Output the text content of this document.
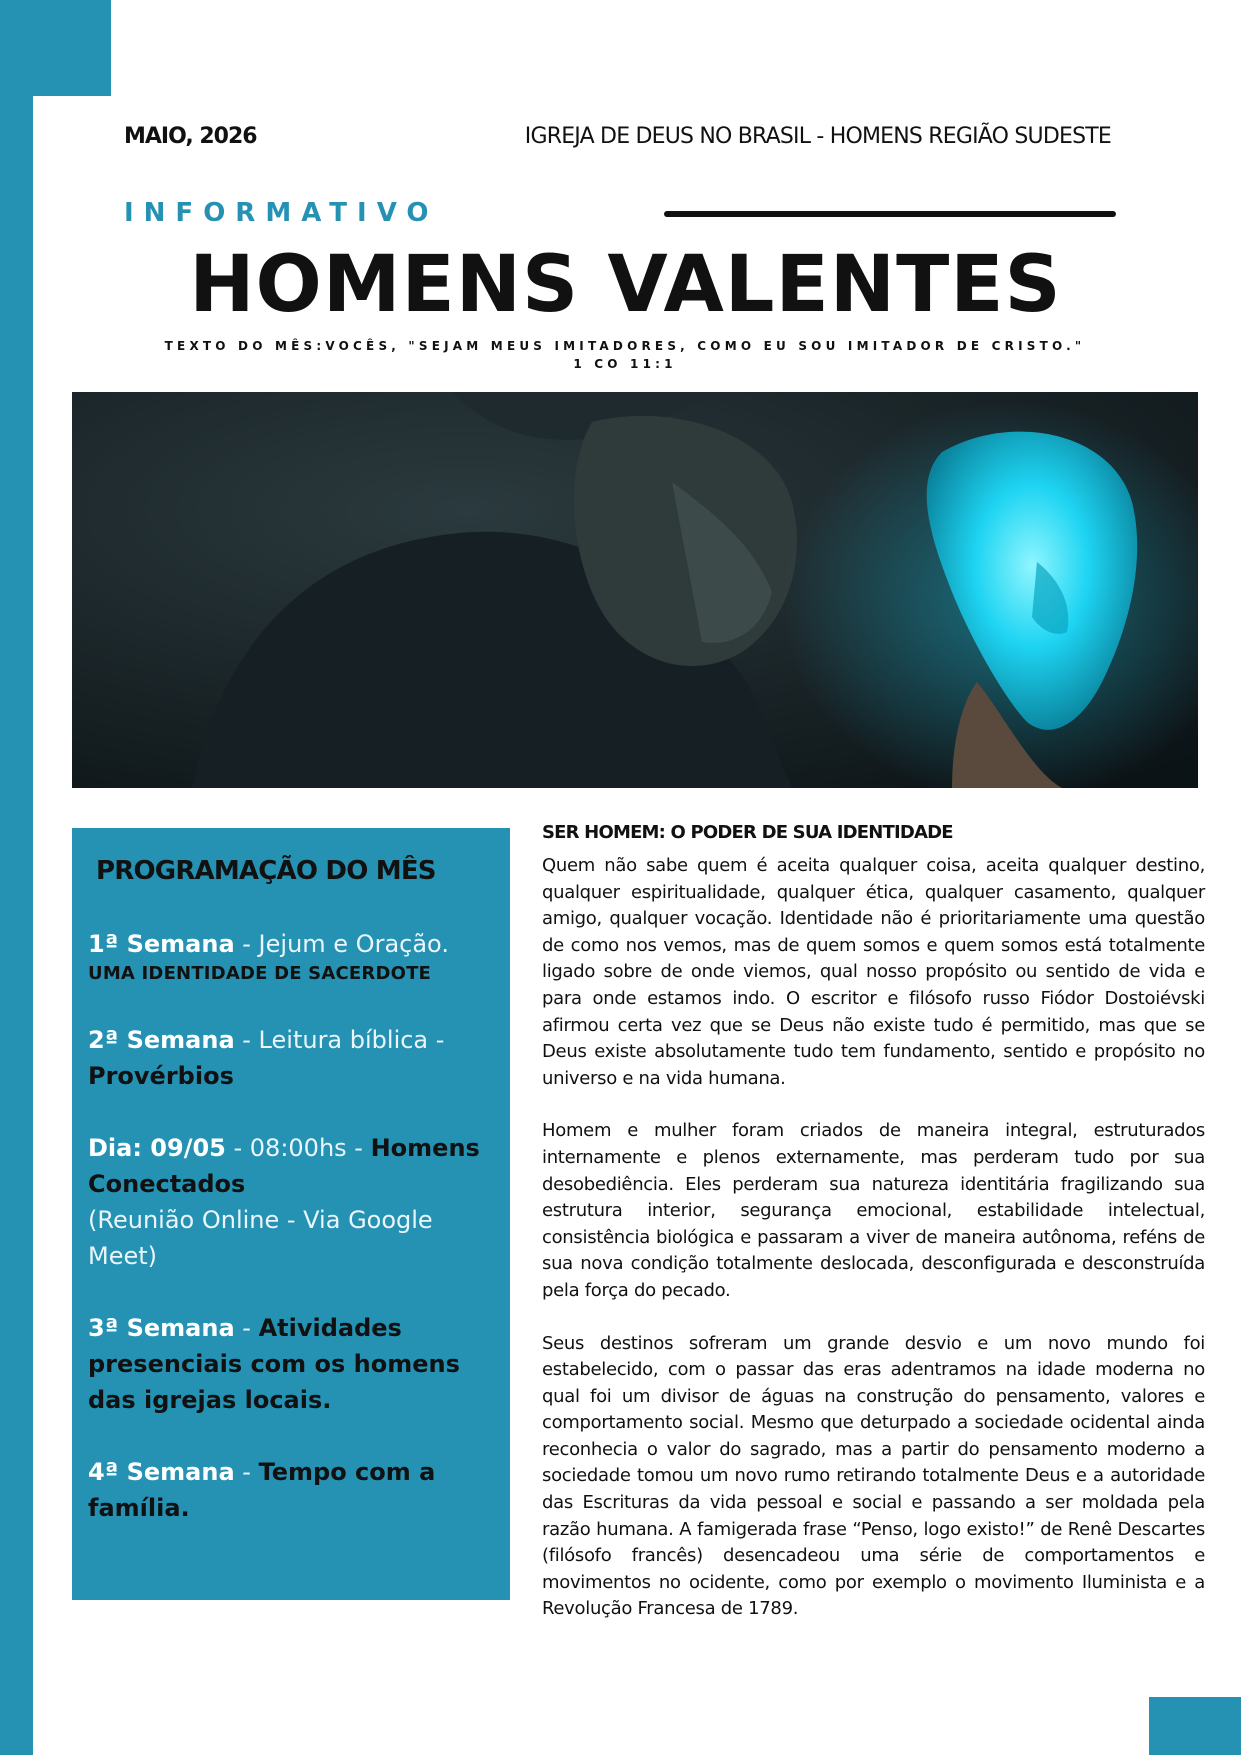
MAIO, 2026	IGREJA DE DEUS NO BRASIL - HOMENS REGIÃO SUDESTE
INFORMATIVO
HOMENS VALENTES
TEXTO DO MÊS:VOCÊS, "SEJAM MEUS IMITADORES, COMO EU SOU IMITADOR DE CRISTO."
1 CO 11:1
PROGRAMAÇÃO DO MÊS
1ª Semana - Jejum e Oração.
UMA IDENTIDADE DE SACERDOTE
2ª Semana - Leitura bíblica - Provérbios
Dia: 09/05 - 08:00hs - Homens Conectados
(Reunião Online - Via Google Meet)
3ª Semana - Atividades presenciais com os homens das igrejas locais.
4ª Semana - Tempo com a família.
SER HOMEM: O PODER DE SUA IDENTIDADE

Quem não sabe quem é aceita qualquer coisa, aceita qualquer destino, qualquer espiritualidade, qualquer ética, qualquer casamento, qualquer amigo, qualquer vocação. Identidade não é prioritariamente uma questão de como nos vemos, mas de quem somos e quem somos está totalmente ligado sobre de onde viemos, qual nosso propósito ou sentido de vida e para onde estamos indo. O escritor e filósofo russo Fiódor Dostoiévski afirmou certa vez que se Deus não existe tudo é permitido, mas que se Deus existe absolutamente tudo tem fundamento, sentido e propósito no universo e na vida humana.

Homem e mulher foram criados de maneira integral, estruturados internamente e plenos externamente, mas perderam tudo por sua desobediência. Eles perderam sua natureza identitária fragilizando sua estrutura interior, segurança emocional, estabilidade intelectual, consistência biológica e passaram a viver de maneira autônoma, reféns de sua nova condição totalmente deslocada, desconfigurada e desconstruída pela força do pecado.

Seus destinos sofreram um grande desvio e um novo mundo foi estabelecido, com o passar das eras adentramos na idade moderna no qual foi um divisor de águas na construção do pensamento, valores e comportamento social. Mesmo que deturpado a sociedade ocidental ainda reconhecia o valor do sagrado, mas a partir do pensamento moderno a sociedade tomou um novo rumo retirando totalmente Deus e a autoridade das Escrituras da vida pessoal e social e passando a ser moldada pela razão humana. A famigerada frase “Penso, logo existo!” de Renê Descartes (filósofo francês) desencadeou uma série de comportamentos e movimentos no ocidente, como por exemplo o movimento Iluminista e a Revolução Francesa de 1789.
